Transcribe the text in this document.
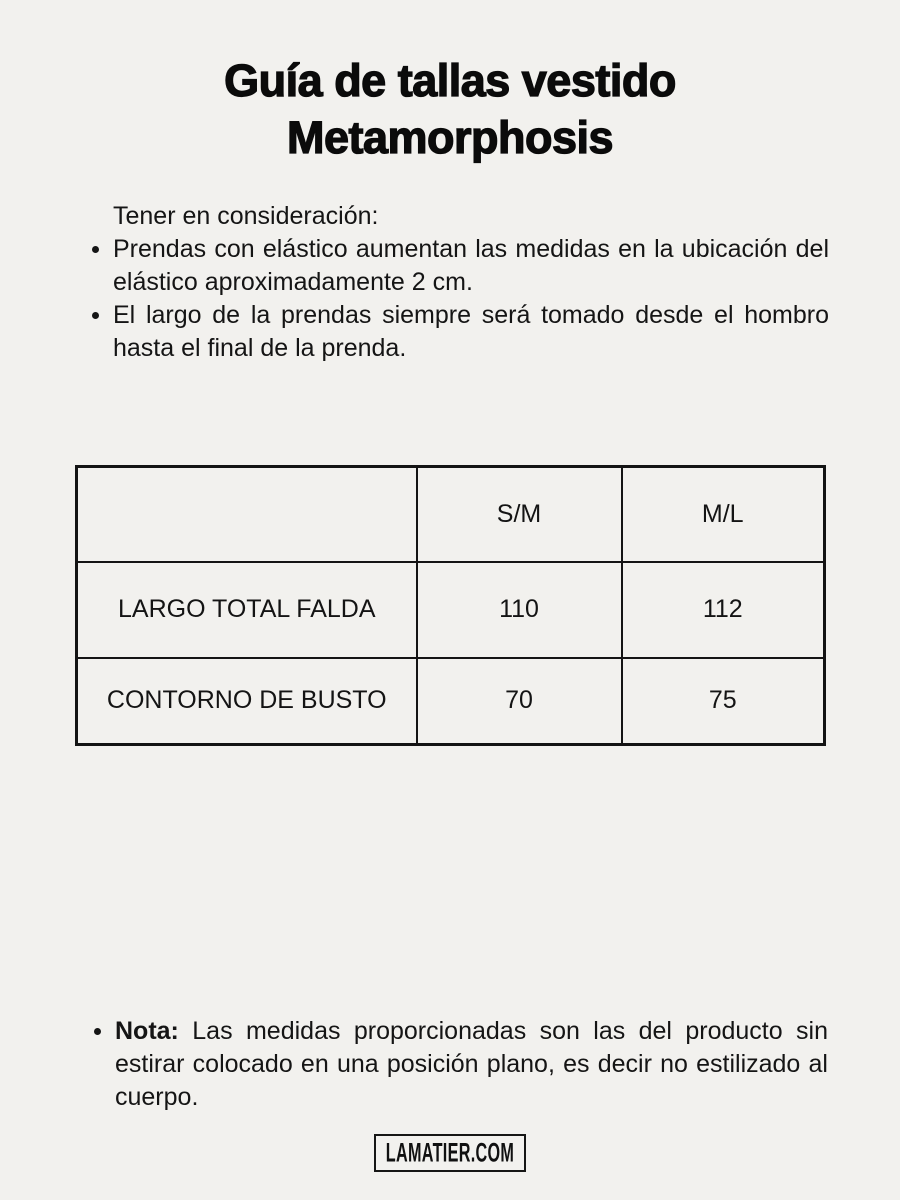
Guía de tallas vestido
Metamorphosis

Tener en consideración:

Prendas con elástico aumentan las medidas en la ubicación del elástico aproximadamente 2 cm.
El largo de la prendas siempre será tomado desde el hombro hasta el final de la prenda.
	S/M	M/L
LARGO TOTAL FALDA	110	112
CONTORNO DE BUSTO	70	75
Nota: Las medidas proporcionadas son las del producto sin estirar colocado en una posición plano, es decir no estilizado al cuerpo.
LAMATIER.COM
